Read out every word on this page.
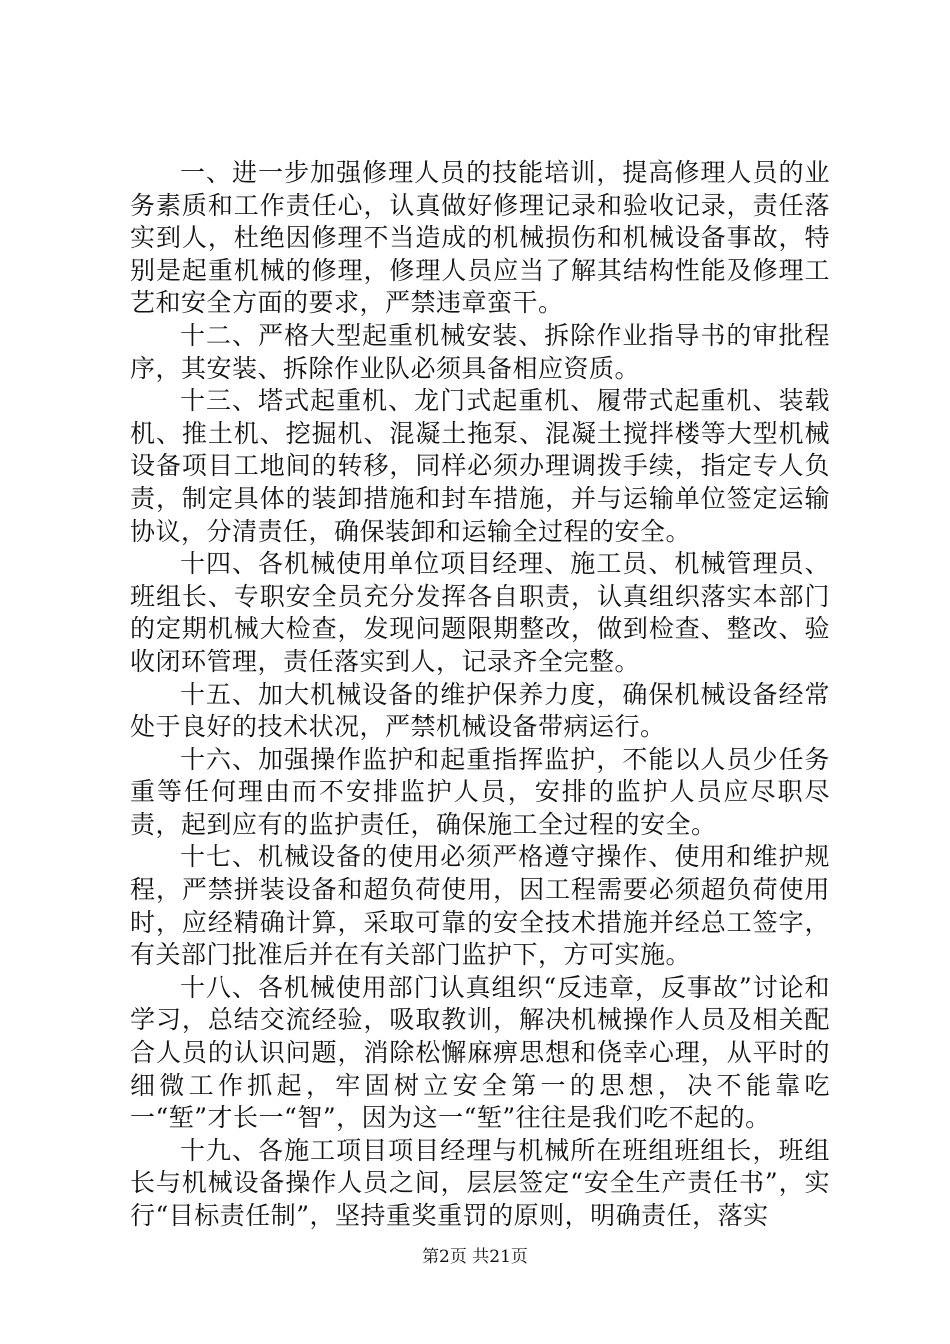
一、进一步加强修理人员的技能培训，提高修理人员的业务素质和工作责任心，认真做好修理记录和验收记录，责任落实到人，杜绝因修理不当造成的机械损伤和机械设备事故，特别是起重机械的修理，修理人员应当了解其结构性能及修理工艺和安全方面的要求，严禁违章蛮干。

十二、严格大型起重机械安装、拆除作业指导书的审批程序，其安装、拆除作业队必须具备相应资质。

十三、塔式起重机、龙门式起重机、履带式起重机、装载机、推土机、挖掘机、混凝土拖泵、混凝土搅拌楼等大型机械设备项目工地间的转移，同样必须办理调拨手续，指定专人负责，制定具体的装卸措施和封车措施，并与运输单位签定运输协议，分清责任，确保装卸和运输全过程的安全。

十四、各机械使用单位项目经理、施工员、机械管理员、班组长、专职安全员充分发挥各自职责，认真组织落实本部门的定期机械大检查，发现问题限期整改，做到检查、整改、验收闭环管理，责任落实到人，记录齐全完整。

十五、加大机械设备的维护保养力度，确保机械设备经常处于良好的技术状况，严禁机械设备带病运行。

十六、加强操作监护和起重指挥监护，不能以人员少任务重等任何理由而不安排监护人员，安排的监护人员应尽职尽责，起到应有的监护责任，确保施工全过程的安全。

十七、机械设备的使用必须严格遵守操作、使用和维护规程，严禁拼装设备和超负荷使用，因工程需要必须超负荷使用时，应经精确计算，采取可靠的安全技术措施并经总工签字，有关部门批准后并在有关部门监护下，方可实施。

十八、各机械使用部门认真组织“反违章，反事故”讨论和学习，总结交流经验，吸取教训，解决机械操作人员及相关配合人员的认识问题，消除松懈麻痹思想和侥幸心理，从平时的细微工作抓起，牢固树立安全第一的思想，决不能靠吃一“堑”才长一“智”，因为这一“堑”往往是我们吃不起的。

十九、各施工项目项目经理与机械所在班组班组长，班组长与机械设备操作人员之间，层层签定“安全生产责任书”，实行“目标责任制”，坚持重奖重罚的原则，明确责任，落实

第2页 共21页
